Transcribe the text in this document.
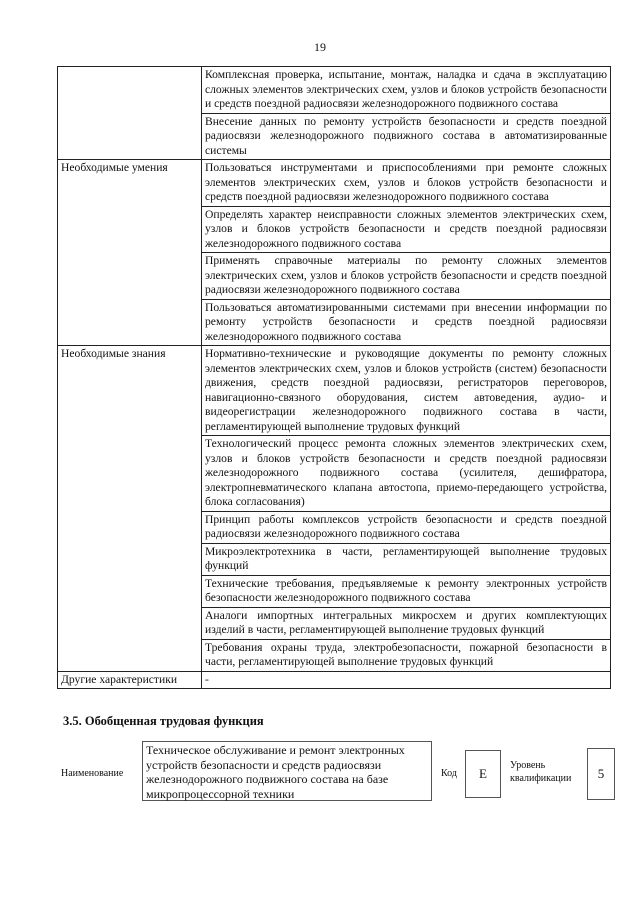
19
	Комплексная проверка, испытание, монтаж, наладка и сдача в эксплуатацию сложных элементов электрических схем, узлов и блоков устройств безопасности и средств поездной радиосвязи железнодорожного подвижного состава
	Внесение данных по ремонту устройств безопасности и средств поездной радиосвязи железнодорожного подвижного состава в автоматизированные системы
Необходимые умения	Пользоваться инструментами и приспособлениями при ремонте сложных элементов электрических схем, узлов и блоков устройств безопасности и средств поездной радиосвязи железнодорожного подвижного состава
	Определять характер неисправности сложных элементов электрических схем, узлов и блоков устройств безопасности и средств поездной радиосвязи железнодорожного подвижного состава
	Применять справочные материалы по ремонту сложных элементов электрических схем, узлов и блоков устройств безопасности и средств поездной радиосвязи железнодорожного подвижного состава
	Пользоваться автоматизированными системами при внесении информации по ремонту устройств безопасности и средств поездной радиосвязи железнодорожного подвижного состава
Необходимые знания	Нормативно-технические и руководящие документы по ремонту сложных элементов электрических схем, узлов и блоков устройств (систем) безопасности движения, средств поездной радиосвязи, регистраторов переговоров, навигационно-связного оборудования, систем автоведения, аудио- и видеорегистрации железнодорожного подвижного состава в части, регламентирующей выполнение трудовых функций
	Технологический процесс ремонта сложных элементов электрических схем, узлов и блоков устройств безопасности и средств поездной радиосвязи железнодорожного подвижного состава (усилителя, дешифратора, электропневматического клапана автостопа, приемо-передающего устройства, блока согласования)
	Принцип работы комплексов устройств безопасности и средств поездной радиосвязи железнодорожного подвижного состава
	Микроэлектротехника в части, регламентирующей выполнение трудовых функций
	Технические требования, предъявляемые к ремонту электронных устройств безопасности железнодорожного подвижного состава
	Аналоги импортных интегральных микросхем и других комплектующих изделий в части, регламентирующей выполнение трудовых функций
	Требования охраны труда, электробезопасности, пожарной безопасности в части, регламентирующей выполнение трудовых функций
Другие характеристики	-
3.5. Обобщенная трудовая функция
Наименование
Техническое обслуживание и ремонт электронных устройств безопасности и средств радиосвязи железнодорожного подвижного состава на базе микропроцессорной техники
Код	E
Уровень квалификации	5
